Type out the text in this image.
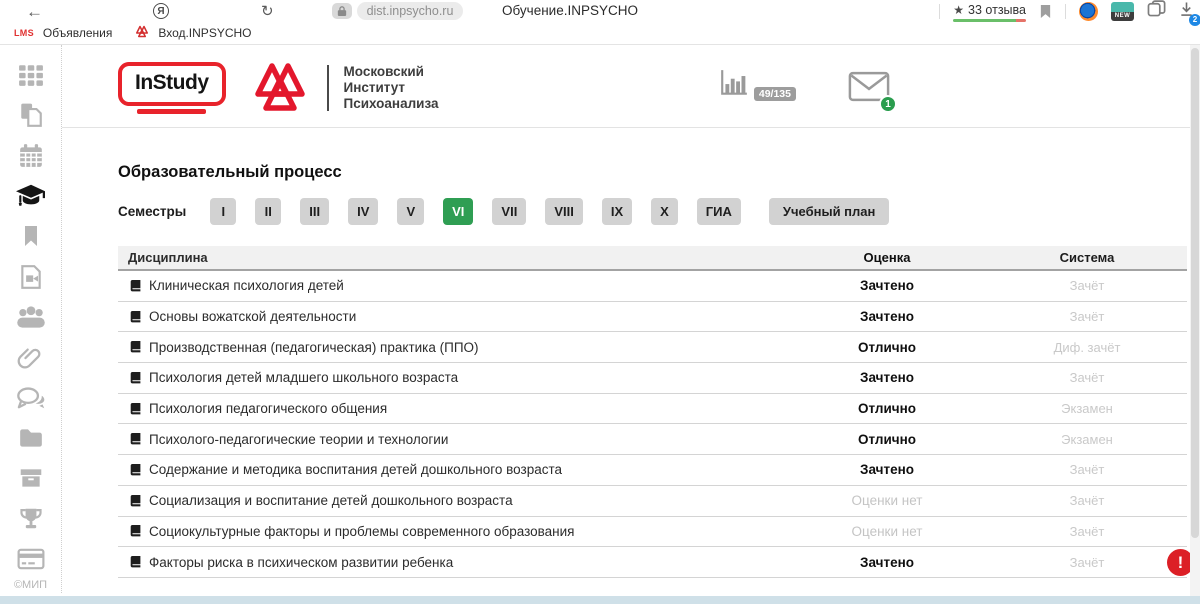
←	Я	↻	dist.inpsycho.ru	Обучение.INPSYCHO	★ 33 отзыва	NEW	2
LMS Объявления	Вход.INPSYCHO
©МИП
InStudy	Московский Институт Психоанализа
49/135
1
Образовательный процесс
Семестры	I	II	III	IV	V	VI	VII	VIII	IX	X	ГИА	Учебный план
Дисциплина	Оценка	Система
Клиническая психология детей	Зачтено	Зачёт
Основы вожатской деятельности	Зачтено	Зачёт
Производственная (педагогическая) практика (ППО)	Отлично	Диф. зачёт
Психология детей младшего школьного возраста	Зачтено	Зачёт
Психология педагогического общения	Отлично	Экзамен
Психолого-педагогические теории и технологии	Отлично	Экзамен
Содержание и методика воспитания детей дошкольного возраста	Зачтено	Зачёт
Социализация и воспитание детей дошкольного возраста	Оценки нет	Зачёт
Социокультурные факторы и проблемы современного образования	Оценки нет	Зачёт
Факторы риска в психическом развитии ребенка	Зачтено	Зачёт	!
